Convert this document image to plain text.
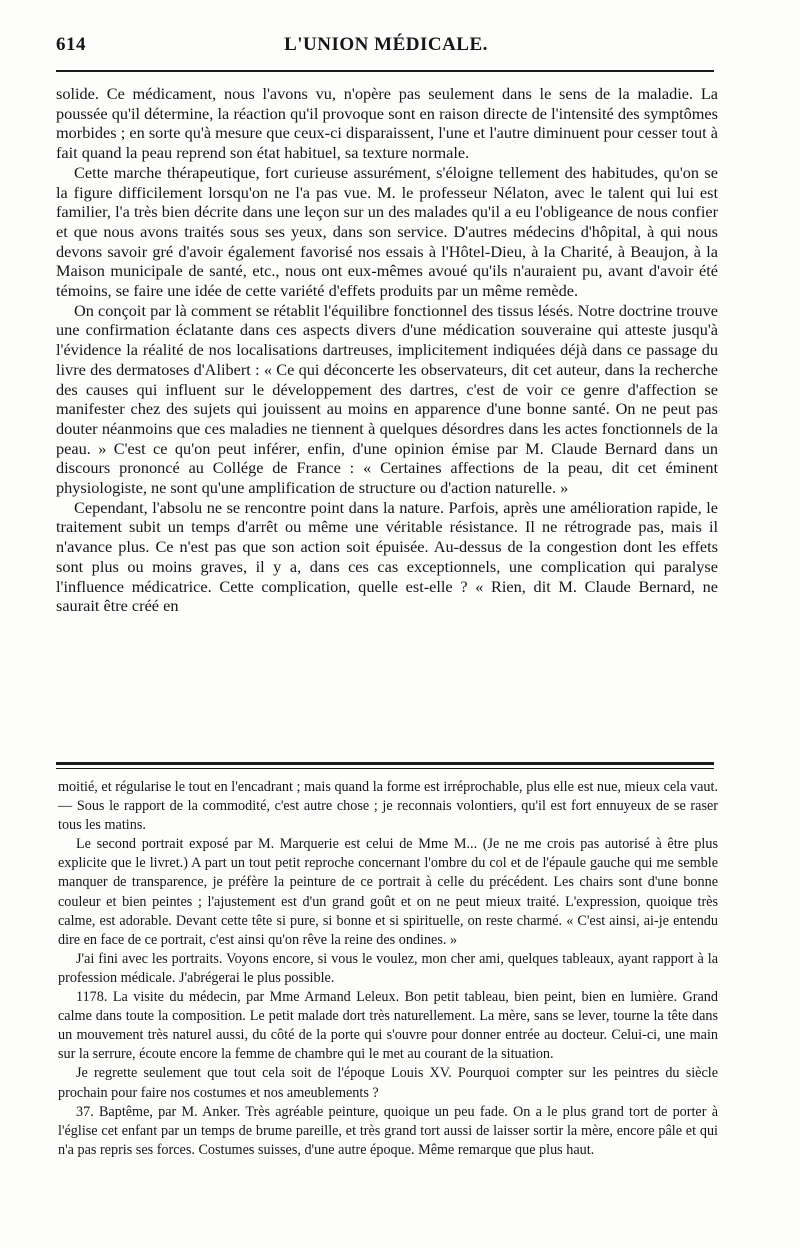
614	L'UNION MÉDICALE.

solide. Ce médicament, nous l'avons vu, n'opère pas seulement dans le sens de la maladie. La poussée qu'il détermine, la réaction qu'il provoque sont en raison directe de l'intensité des symptômes morbides ; en sorte qu'à mesure que ceux-ci disparaissent, l'une et l'autre diminuent pour cesser tout à fait quand la peau reprend son état habituel, sa texture normale.

Cette marche thérapeutique, fort curieuse assurément, s'éloigne tellement des habitudes, qu'on se la figure difficilement lorsqu'on ne l'a pas vue. M. le professeur Nélaton, avec le talent qui lui est familier, l'a très bien décrite dans une leçon sur un des malades qu'il a eu l'obligeance de nous confier et que nous avons traités sous ses yeux, dans son service. D'autres médecins d'hôpital, à qui nous devons savoir gré d'avoir également favorisé nos essais à l'Hôtel-Dieu, à la Charité, à Beaujon, à la Maison municipale de santé, etc., nous ont eux-mêmes avoué qu'ils n'auraient pu, avant d'avoir été témoins, se faire une idée de cette variété d'effets produits par un même remède.

On conçoit par là comment se rétablit l'équilibre fonctionnel des tissus lésés. Notre doctrine trouve une confirmation éclatante dans ces aspects divers d'une médication souveraine qui atteste jusqu'à l'évidence la réalité de nos localisations dartreuses, implicitement indiquées déjà dans ce passage du livre des dermatoses d'Alibert : « Ce qui déconcerte les observateurs, dit cet auteur, dans la recherche des causes qui influent sur le développement des dartres, c'est de voir ce genre d'affection se manifester chez des sujets qui jouissent au moins en apparence d'une bonne santé. On ne peut pas douter néanmoins que ces maladies ne tiennent à quelques désordres dans les actes fonctionnels de la peau. » C'est ce qu'on peut inférer, enfin, d'une opinion émise par M. Claude Bernard dans un discours prononcé au Collége de France : « Certaines affections de la peau, dit cet éminent physiologiste, ne sont qu'une amplification de structure ou d'action naturelle. »

Cependant, l'absolu ne se rencontre point dans la nature. Parfois, après une amélioration rapide, le traitement subit un temps d'arrêt ou même une véritable résistance. Il ne rétrograde pas, mais il n'avance plus. Ce n'est pas que son action soit épuisée. Au-dessus de la congestion dont les effets sont plus ou moins graves, il y a, dans ces cas exceptionnels, une complication qui paralyse l'influence médicatrice. Cette complication, quelle est-elle ? « Rien, dit M. Claude Bernard, ne saurait être créé en

moitié, et régularise le tout en l'encadrant ; mais quand la forme est irréprochable, plus elle est nue, mieux cela vaut. — Sous le rapport de la commodité, c'est autre chose ; je reconnais volontiers, qu'il est fort ennuyeux de se raser tous les matins.

Le second portrait exposé par M. Marquerie est celui de Mme M... (Je ne me crois pas autorisé à être plus explicite que le livret.) A part un tout petit reproche concernant l'ombre du col et de l'épaule gauche qui me semble manquer de transparence, je préfère la peinture de ce portrait à celle du précédent. Les chairs sont d'une bonne couleur et bien peintes ; l'ajustement est d'un grand goût et on ne peut mieux traité. L'expression, quoique très calme, est adorable. Devant cette tête si pure, si bonne et si spirituelle, on reste charmé. « C'est ainsi, ai-je entendu dire en face de ce portrait, c'est ainsi qu'on rêve la reine des ondines. »

J'ai fini avec les portraits. Voyons encore, si vous le voulez, mon cher ami, quelques tableaux, ayant rapport à la profession médicale. J'abrégerai le plus possible.

1178. La visite du médecin, par Mme Armand Leleux. Bon petit tableau, bien peint, bien en lumière. Grand calme dans toute la composition. Le petit malade dort très naturellement. La mère, sans se lever, tourne la tête dans un mouvement très naturel aussi, du côté de la porte qui s'ouvre pour donner entrée au docteur. Celui-ci, une main sur la serrure, écoute encore la femme de chambre qui le met au courant de la situation.

Je regrette seulement que tout cela soit de l'époque Louis XV. Pourquoi compter sur les peintres du siècle prochain pour faire nos costumes et nos ameublements ?

37. Baptême, par M. Anker. Très agréable peinture, quoique un peu fade. On a le plus grand tort de porter à l'église cet enfant par un temps de brume pareille, et très grand tort aussi de laisser sortir la mère, encore pâle et qui n'a pas repris ses forces. Costumes suisses, d'une autre époque. Même remarque que plus haut.
